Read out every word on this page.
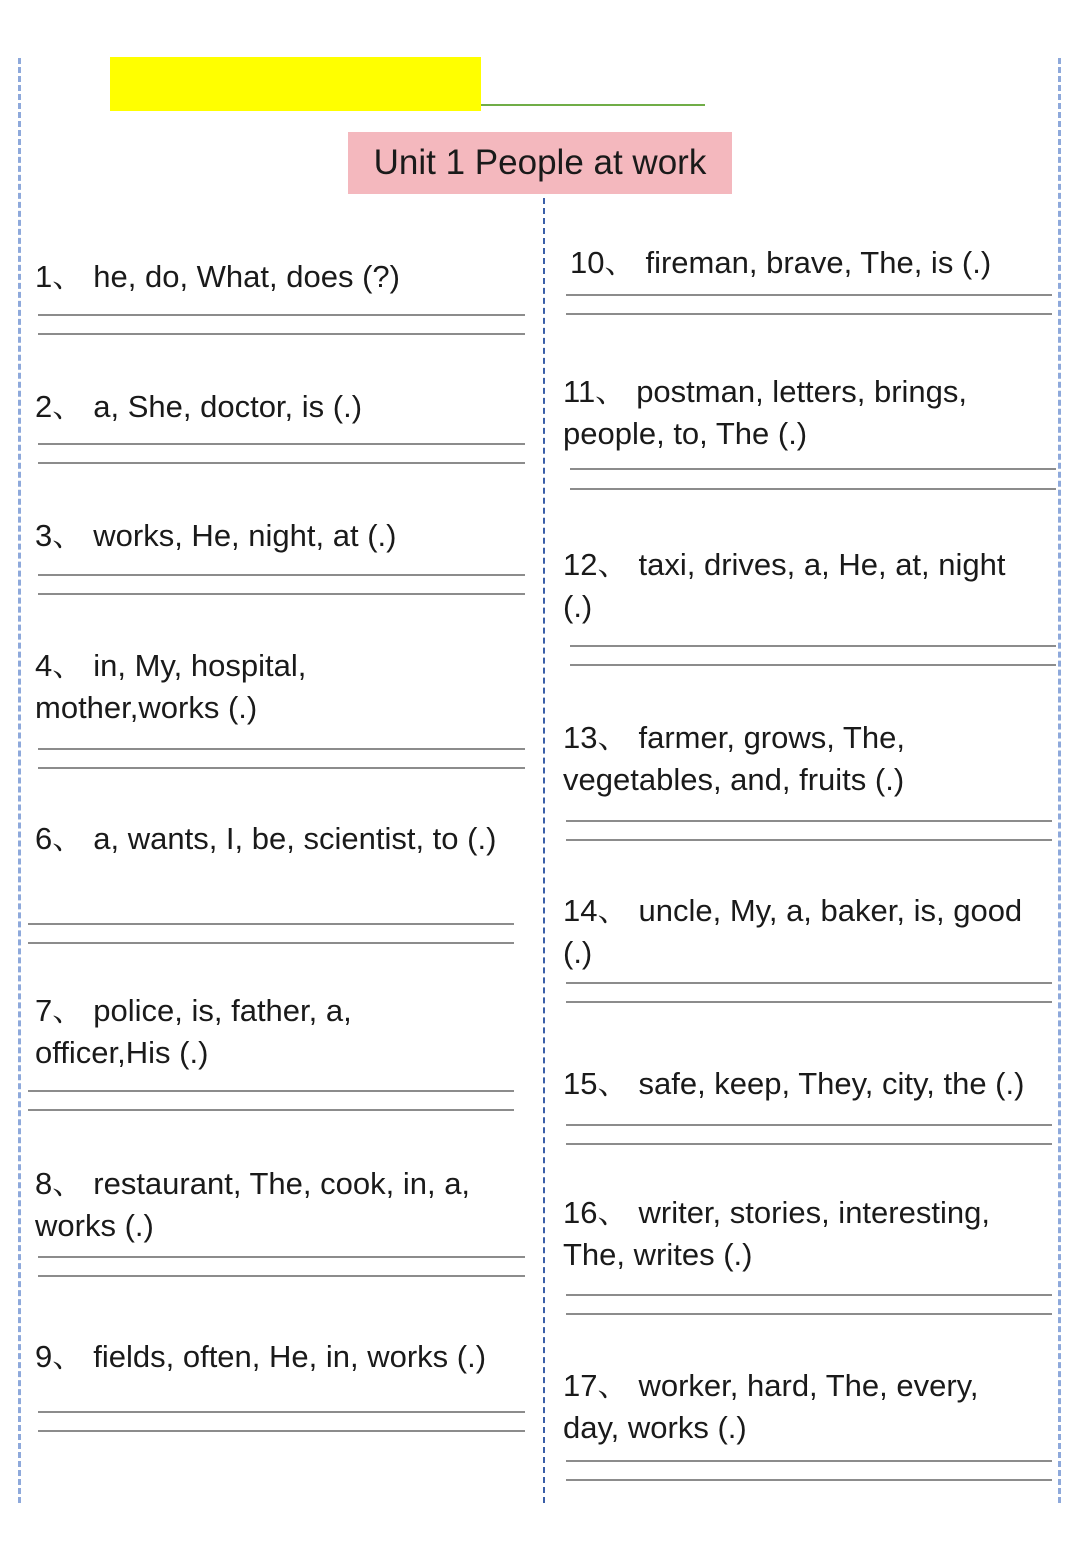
Unit 1 People at work

1、 he, do, What, does (?)

2、 a, She, doctor, is (.)

3、 works, He, night, at (.)

4、 in, My, hospital, mother,works (.)

6、 a, wants, I, be, scientist, to (.)

7、 police, is, father, a, officer,His (.)

8、 restaurant, The, cook, in, a, works (.)

9、 fields, often, He, in, works (.)

10、 fireman, brave, The, is (.)

11、 postman, letters, brings, people, to, The (.)

12、 taxi, drives, a, He, at, night (.)

13、 farmer, grows, The, vegetables, and, fruits (.)

14、 uncle, My, a, baker, is, good (.)

15、 safe, keep, They, city, the (.)

16、 writer, stories, interesting, The, writes (.)

17、 worker, hard, The, every, day, works (.)
